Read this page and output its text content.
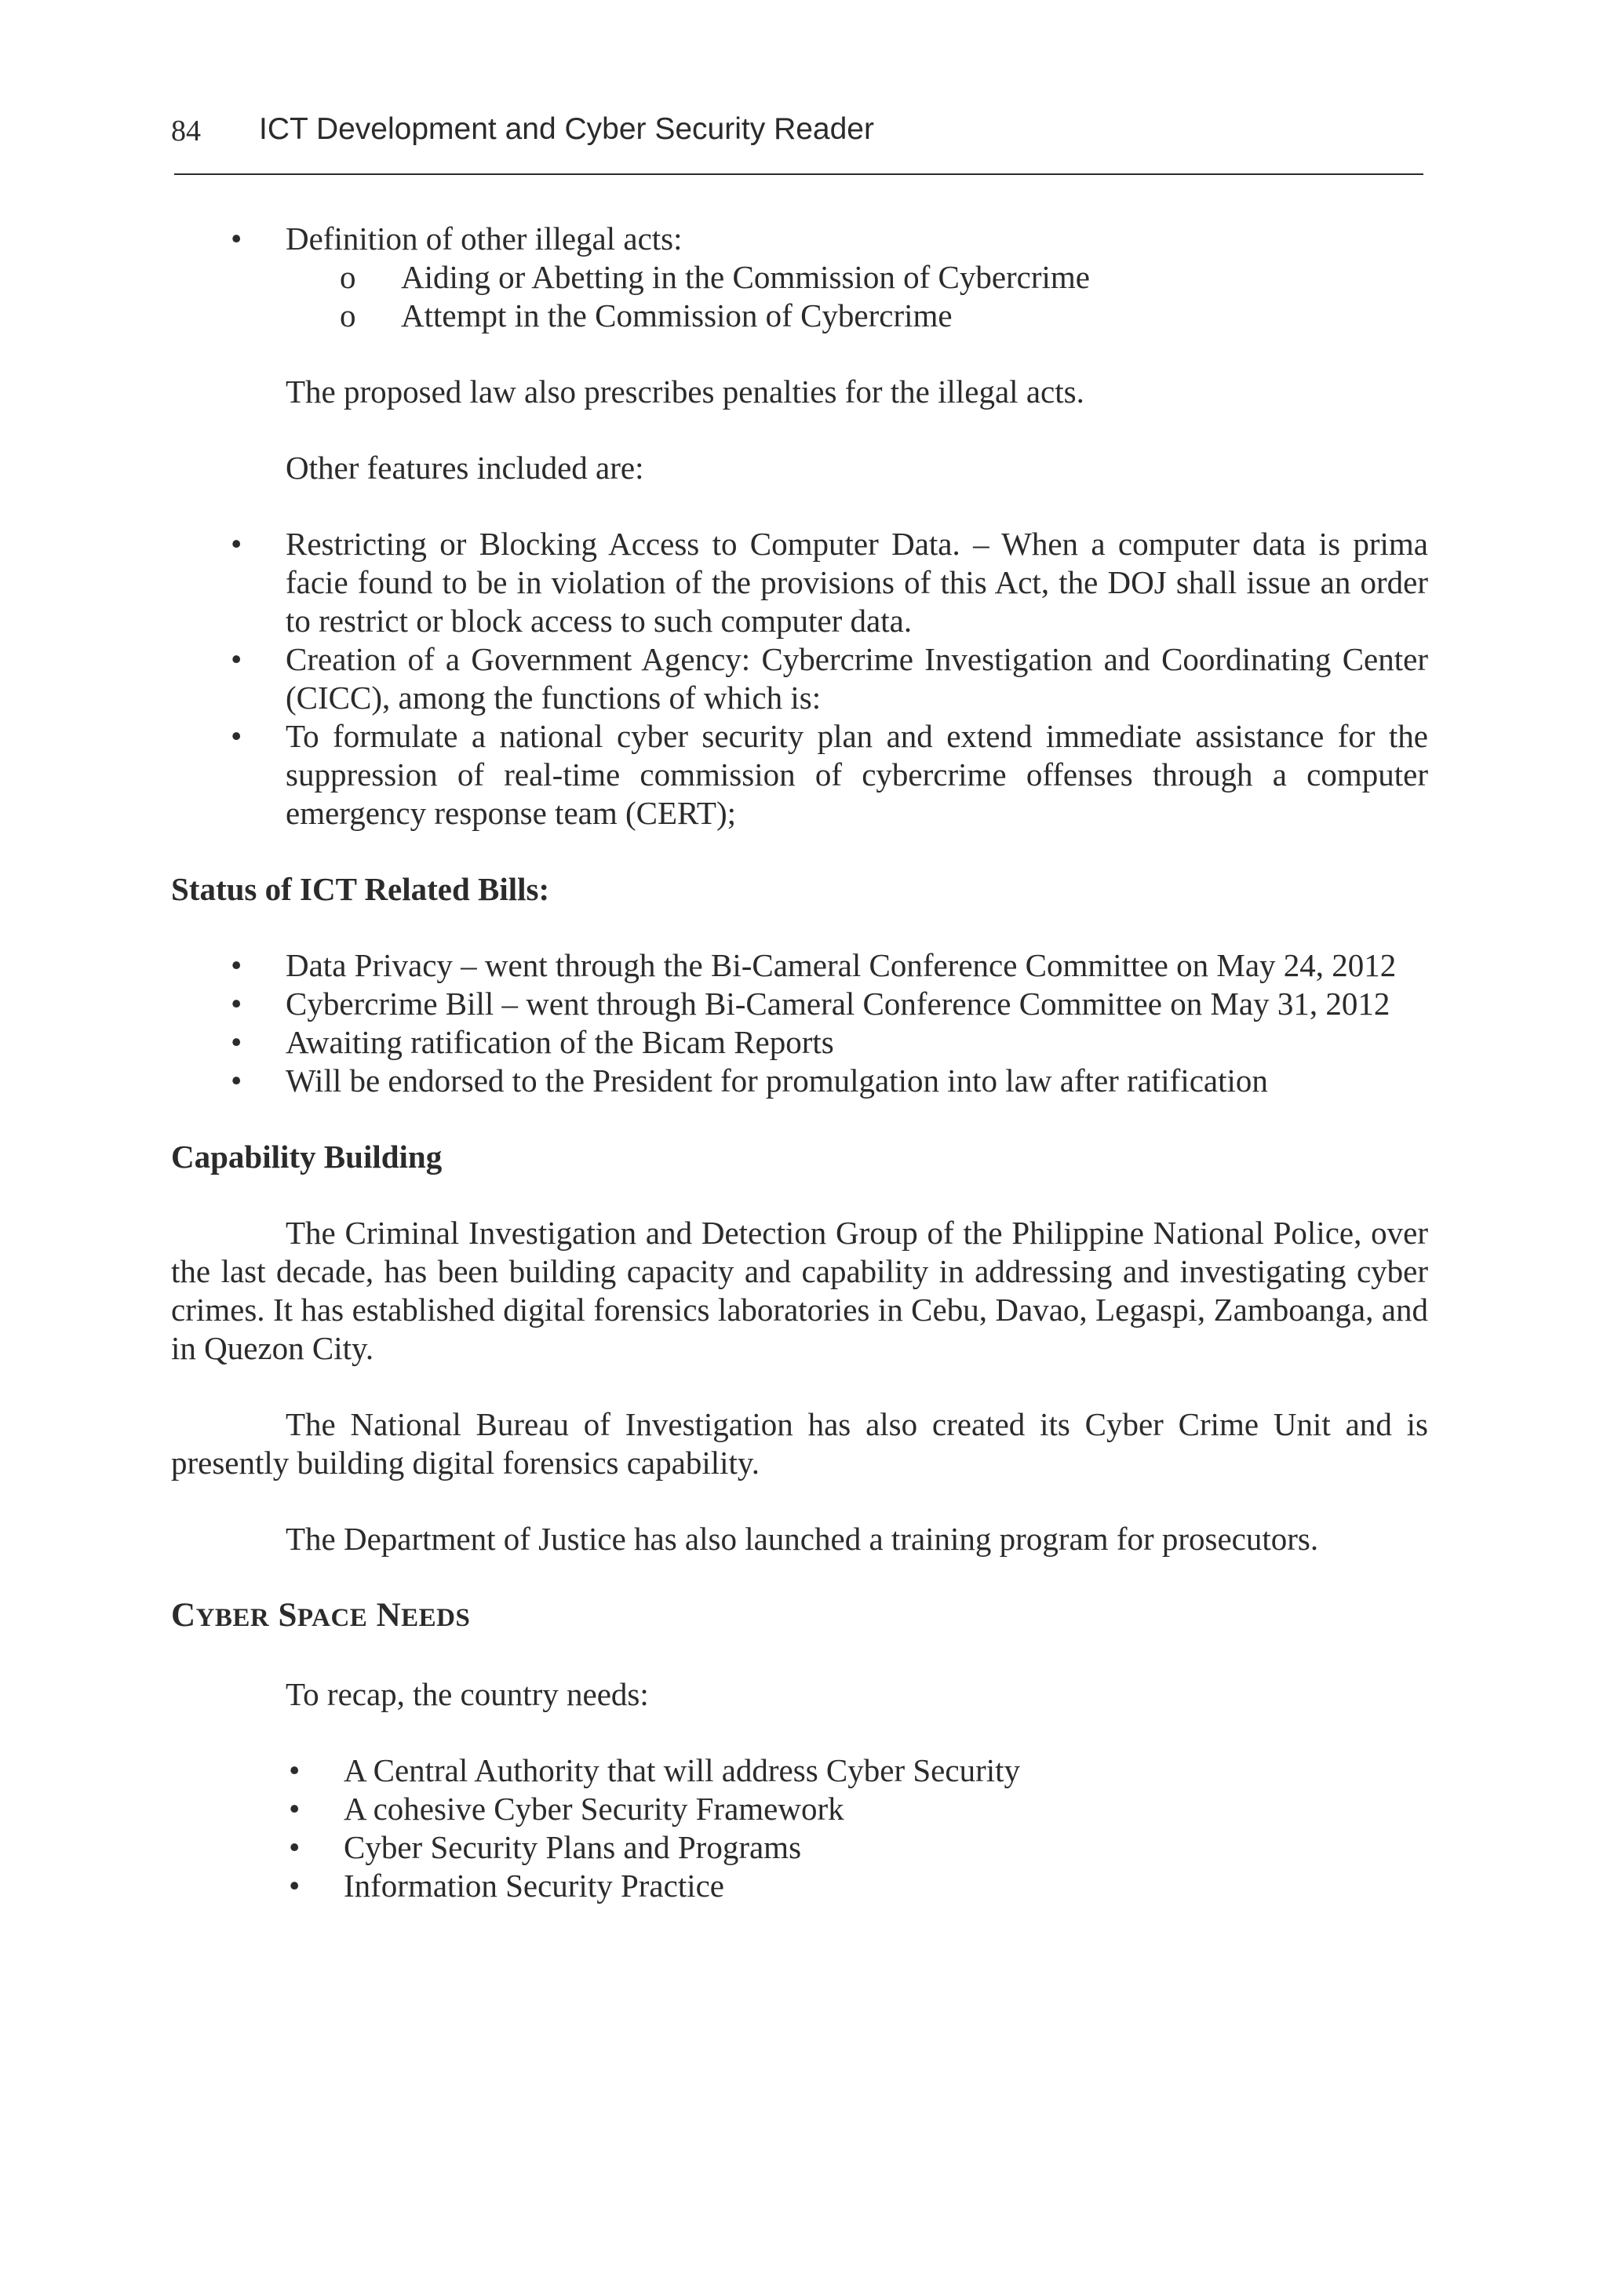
84 ICT Development and Cyber Security Reader
• Definition of other illegal acts:
o Aiding or Abetting in the Commission of Cybercrime
o Attempt in the Commission of Cybercrime
The proposed law also prescribes penalties for the illegal acts.
Other features included are:
• Restricting or Blocking Access to Computer Data. – When a computer data is prima facie found to be in violation of the provisions of this Act, the DOJ shall issue an order to restrict or block access to such computer data.
• Creation of a Government Agency: Cybercrime Investigation and Coordinating Center (CICC), among the functions of which is:
• To formulate a national cyber security plan and extend immediate assistance for the suppression of real-time commission of cybercrime offenses through a computer emergency response team (CERT);

Status of ICT Related Bills:

• Data Privacy – went through the Bi-Cameral Conference Committee on May 24, 2012
• Cybercrime Bill – went through Bi-Cameral Conference Committee on May 31, 2012
• Awaiting ratification of the Bicam Reports
• Will be endorsed to the President for promulgation into law after ratification

Capability Building

The Criminal Investigation and Detection Group of the Philippine National Police, over the last decade, has been building capacity and capability in addressing and investigating cyber crimes. It has established digital forensics laboratories in Cebu, Davao, Legaspi, Zamboanga, and in Quezon City.

The National Bureau of Investigation has also created its Cyber Crime Unit and is presently building digital forensics capability.

The Department of Justice has also launched a training program for prosecutors.

CYBER SPACE NEEDS

To recap, the country needs:
• A Central Authority that will address Cyber Security
• A cohesive Cyber Security Framework
• Cyber Security Plans and Programs
• Information Security Practice
